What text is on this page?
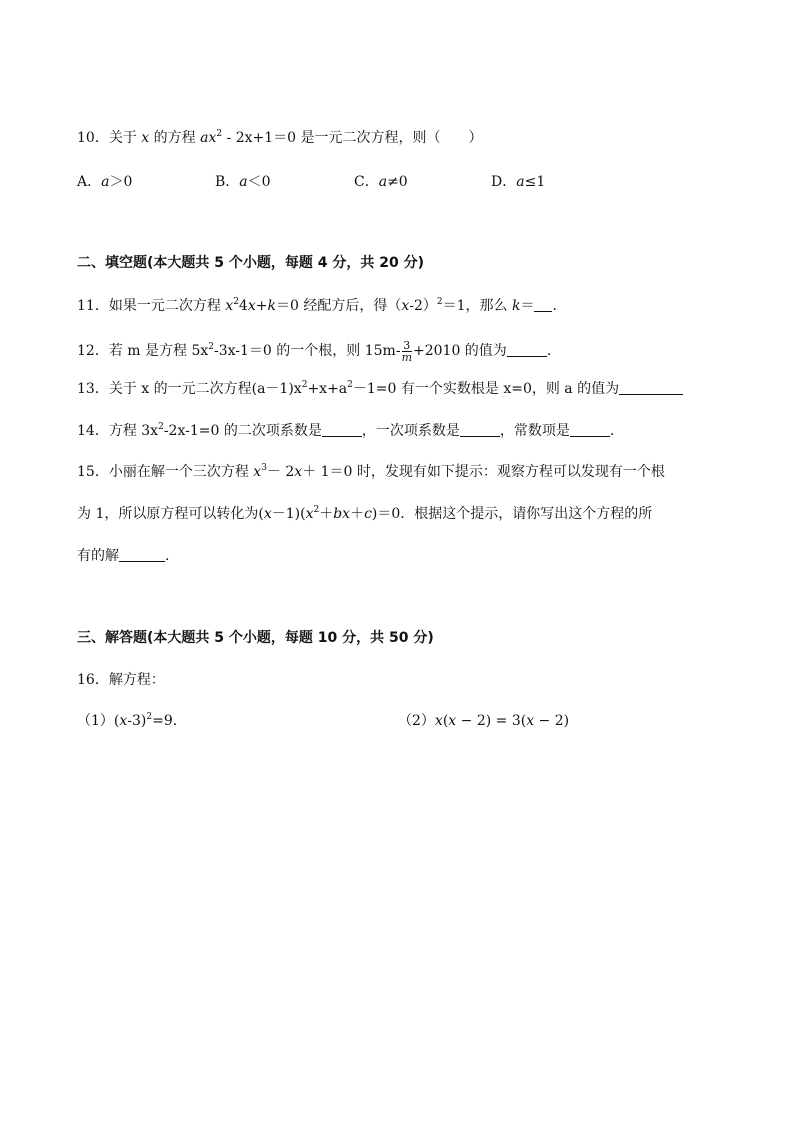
10．关于 x 的方程 $ax^2 - 2x+1=0$ 是一元二次方程，则（　　）
A．a＞0	B．a＜0	C．a≠0	D．a≤1
二、填空题(本大题共 5 个小题，每题 4 分，共 20 分)
11．如果一元二次方程 $x^24x+k=0$ 经配方后，得$(x-2)^2=1$，那么 k＝ .
12．若 m 是方程 $5x^2-3x-1=0$ 的一个根，则 $15m- \frac{3}{m} +2010$ 的值为	.
13．关于 x 的一元二次方程$(a-1)x^2+x+a^2-1=0$ 有一个实数根是 x=0，则 a 的值为
14．方程 $3x^2-2x-1=0$ 的二次项系数是	，一次项系数是	，常数项是	.
15．小丽在解一个三次方程 $x^3- 2x+ 1=0$ 时，发现有如下提示：观察方程可以发现有一个根
为 1，所以原方程可以转化为$(x-1)(x^2+bx+c)=0$．根据这个提示，请你写出这个方程的所
有的解	.
三、解答题(本大题共 5 个小题，每题 10 分，共 50 分)
16．解方程：
$(1)(x-3)^2=9$．	（2）x(x − 2) = 3(x − 2)
